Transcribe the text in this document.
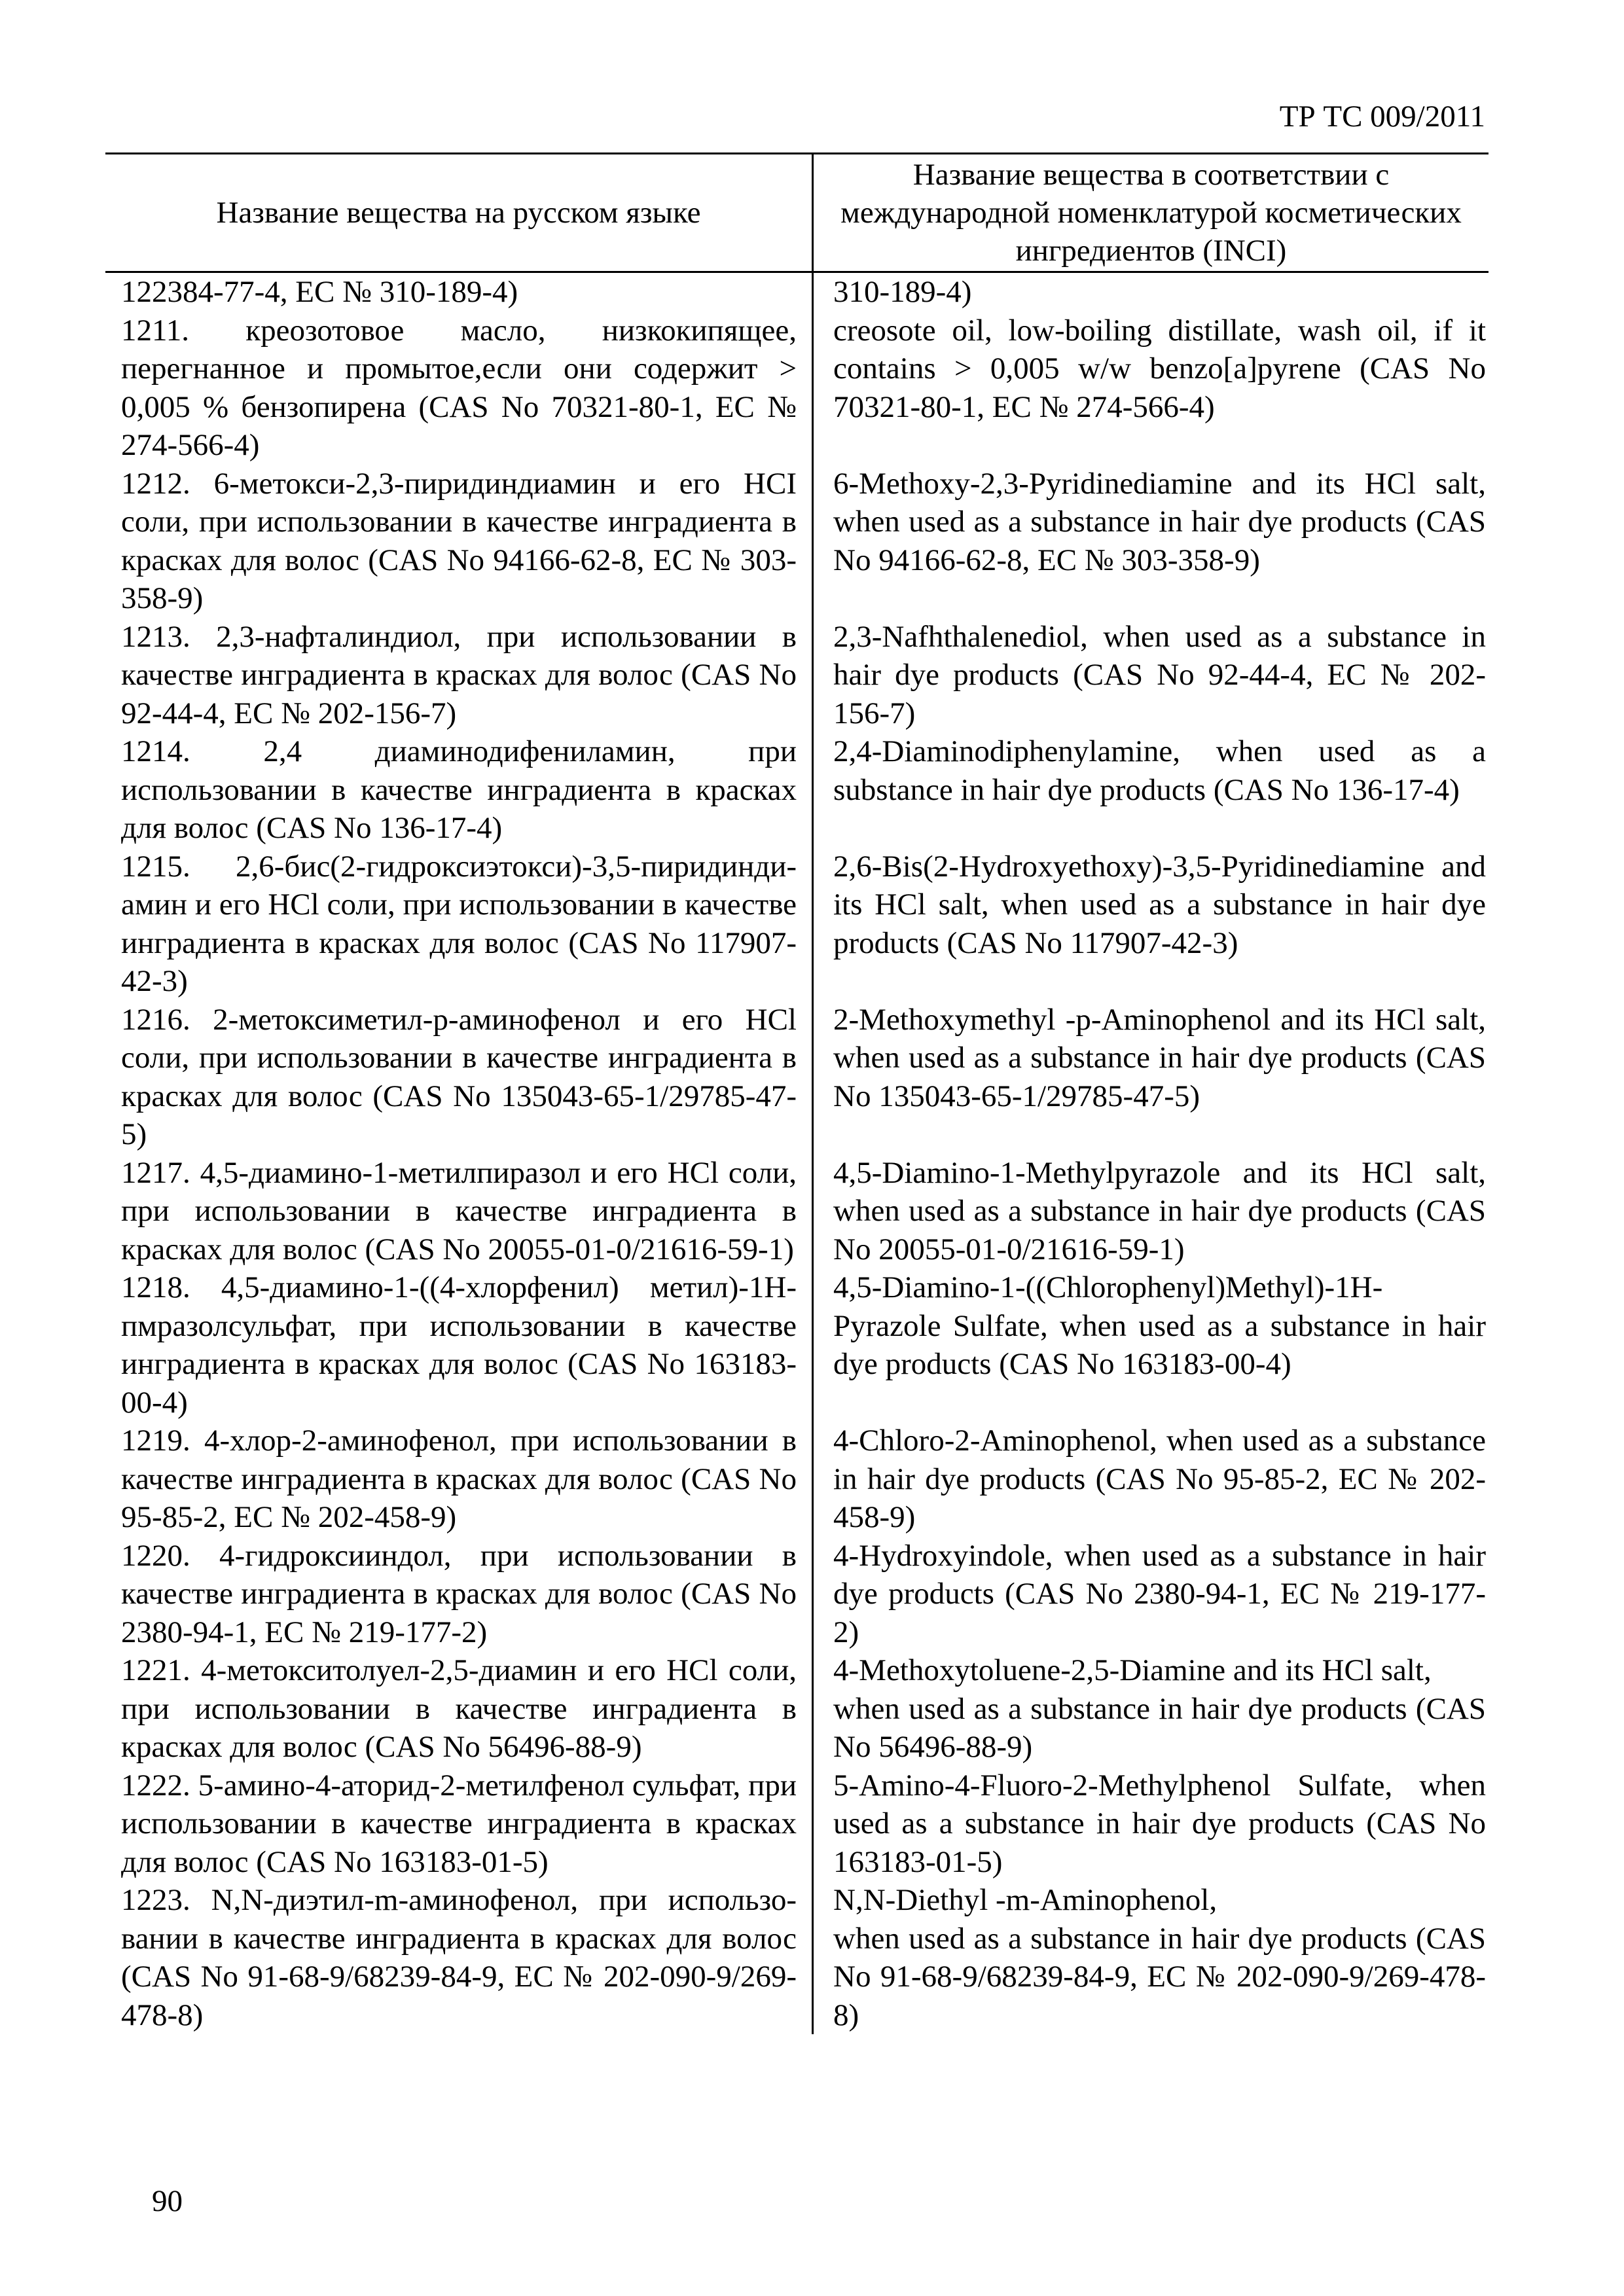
ТР ТС 009/2011
Название вещества на русском языке
Название вещества в соответствии с международной номенклатурой косметических ингредиентов (INCI)
122384-77-4, ЕС № 310-189-4)	310-189-4)
1211. креозотовое масло, низкокипящее, перегнанное и промытое,если они содержит > 0,005 % бензопирена (CAS No 70321-80-1, ЕС № 274-566-4)
creosote oil, low-boiling distillate, wash oil, if it contains > 0,005 w/w benzo[a]pyrene (CAS No 70321-80-1, ЕС № 274-566-4)
1212. 6-метокси-2,3-пиридиндиамин и его HCI соли, при использовании в качестве ингрaдиента в красках для волос (CAS No 94166-62-8, ЕС № 303-358-9)
6-Methoxy-2,3-Pyridinediamine and its HCl salt, when used as a substance in hair dye products (CAS No 94166-62-8, ЕС № 303-358-9)
1213. 2,3-нафталиндиол, при использовании в качестве ингрaдиента в красках для волос (CAS No 92-44-4, ЕС № 202-156-7)
2,3-Nafhthalenediol, when used as a substance in hair dye products (CAS No 92-44-4, ЕС № 202-156-7)
1214. 2,4 диаминодифениламин, при использовании в качестве ингрaдиента в красках для волос (CAS No 136-17-4)
2,4-Diaminodiphenylamine, when used as a substance in hair dye products (CAS No 136-17-4)
1215. 2,6-бис(2-гидроксиэтокси)-3,5-пиридинди-амин и его HCl соли, при использовании в качестве ингрaдиента в красках для волос (CAS No 117907-42-3)
2,6-Bis(2-Hydroxyethoxy)-3,5-Pyridinediamine and its HCl salt, when used as a substance in hair dye products (CAS No 117907-42-3)
1216. 2-метоксиметил-p-аминофенол и его HCl соли, при использовании в качестве ингрaдиента в красках для волос (CAS No 135043-65-1/29785-47-5)
2-Methoxymethyl -p-Aminophenol and its HCl salt, when used as a substance in hair dye products (CAS No 135043-65-1/29785-47-5)
1217. 4,5-диамино-1-метилпиразол и его HCl соли, при использовании в качестве ингрaдиента в красках для волос (CAS No 20055-01-0/21616-59-1)
4,5-Diamino-1-Methylpyrazole and its HCl salt, when used as a substance in hair dye products (CAS No 20055-01-0/21616-59-1)
1218. 4,5-диамино-1-((4-хлорфенил) метил)-1H-пмразолсульфат, при использовании в качестве ингрaдиента в красках для волос (CAS No 163183-00-4)
4,5-Diamino-1-((Chlorophenyl)Methyl)-1H-Pyrazole Sulfate, when used as a substance in hair dye products (CAS No 163183-00-4)
1219. 4-хлор-2-аминофенол, при использовании в качестве ингрaдиента в красках для волос (CAS No 95-85-2, ЕС № 202-458-9)
4-Chloro-2-Aminophenol, when used as a substance in hair dye products (CAS No 95-85-2, ЕС № 202-458-9)
1220. 4-гидроксииндол, при использовании в качестве ингрaдиента в красках для волос (CAS No 2380-94-1, ЕС № 219-177-2)
4-Hydroxyindole, when used as a substance in hair dye products (CAS No 2380-94-1, ЕС № 219-177-2)
1221. 4-метокситолуел-2,5-диамин и его HCl соли, при использовании в качестве ингрaдиента в красках для волос (CAS No 56496-88-9)
4-Methoxytoluene-2,5-Diamine and its HCl salt,
when used as a substance in hair dye products (CAS No 56496-88-9)
1222. 5-амино-4-аторид-2-метилфенол сульфат, при использовании в качестве ингрaдиента в красках для волос (CAS No 163183-01-5)
5-Amino-4-Fluoro-2-Methylphenol Sulfate, when used as a substance in hair dye products (CAS No 163183-01-5)
1223. N,N-диэтил-m-аминофенол, при использо-вании в качестве ингрaдиента в красках для волос (CAS No 91-68-9/68239-84-9, ЕС № 202-090-9/269-478-8)
N,N-Diethyl -m-Aminophenol,
when used as a substance in hair dye products (CAS No 91-68-9/68239-84-9, ЕС № 202-090-9/269-478-8)
90
